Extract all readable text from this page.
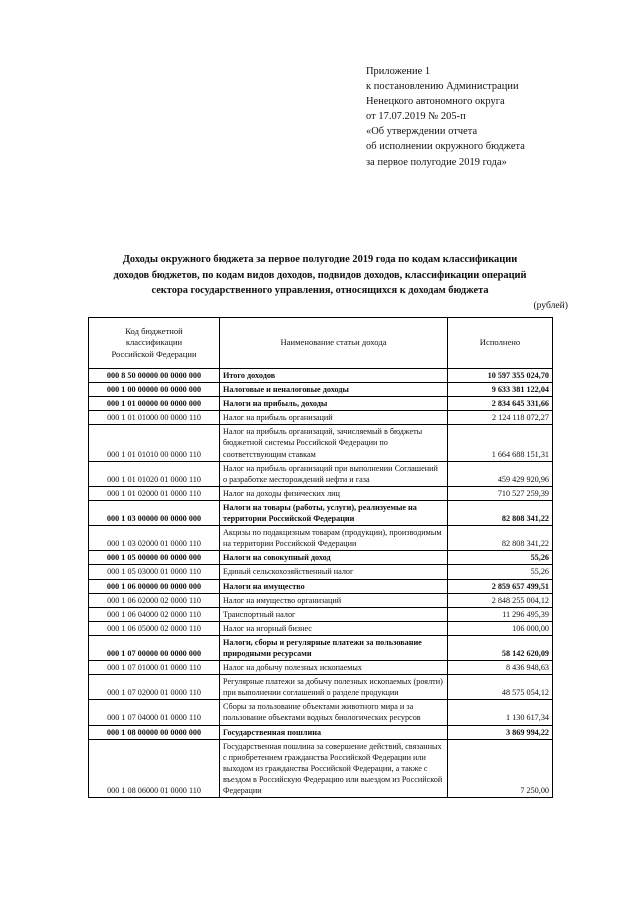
Приложение 1
к постановлению Администрации
Ненецкого автономного округа
от 17.07.2019 № 205-п
«Об утверждении отчета
об исполнении окружного бюджета
за первое полугодие 2019 года»
Доходы окружного бюджета за первое полугодие 2019 года по кодам классификации
доходов бюджетов, по кодам видов доходов, подвидов доходов, классификации операций
сектора государственного управления, относящихся к доходам бюджета
(рублей)
Код бюджетной
классификации
Российской Федерации	Наименование статьи дохода	Исполнено
000 8 50 00000 00 0000 000	Итого доходов	10 597 355 024,70
000 1 00 00000 00 0000 000	Налоговые и неналоговые доходы	9 633 381 122,04
000 1 01 00000 00 0000 000	Налоги на прибыль, доходы	2 834 645 331,66
000 1 01 01000 00 0000 110	Налог на прибыль организаций	2 124 118 072,27
000 1 01 01010 00 0000 110	Налог на прибыль организаций, зачисляемый в бюджеты бюджетной системы Российской Федерации по соответствующим ставкам	1 664 688 151,31
000 1 01 01020 01 0000 110	Налог на прибыль организаций при выполнении Соглашений о разработке месторождений нефти и газа	459 429 920,96
000 1 01 02000 01 0000 110	Налог на доходы физических лиц	710 527 259,39
000 1 03 00000 00 0000 000	Налоги на товары (работы, услуги), реализуемые на территории Российской Федерации	82 808 341,22
000 1 03 02000 01 0000 110	Акцизы по подакцизным товарам (продукции), производимым на территории Российской Федерации	82 808 341,22
000 1 05 00000 00 0000 000	Налоги на совокупный доход	55,26
000 1 05 03000 01 0000 110	Единый сельскохозяйственный налог	55,26
000 1 06 00000 00 0000 000	Налоги на имущество	2 859 657 499,51
000 1 06 02000 02 0000 110	Налог на имущество организаций	2 848 255 004,12
000 1 06 04000 02 0000 110	Транспортный налог	11 296 495,39
000 1 06 05000 02 0000 110	Налог на игорный бизнес	106 000,00
000 1 07 00000 00 0000 000	Налоги, сборы и регулярные платежи за пользование природными ресурсами	58 142 620,09
000 1 07 01000 01 0000 110	Налог на добычу полезных ископаемых	8 436 948,63
000 1 07 02000 01 0000 110	Регулярные платежи за добычу полезных ископаемых (роялти) при выполнении соглашений о разделе продукции	48 575 054,12
000 1 07 04000 01 0000 110	Сборы за пользование объектами животного мира и за пользование объектами водных биологических ресурсов	1 130 617,34
000 1 08 00000 00 0000 000	Государственная пошлина	3 869 994,22
000 1 08 06000 01 0000 110	Государственная пошлина за совершение действий, связанных с приобретением гражданства Российской Федерации или выходом из гражданства Российской Федерации, а также с въездом в Российскую Федерацию или выездом из Российской Федерации	7 250,00
